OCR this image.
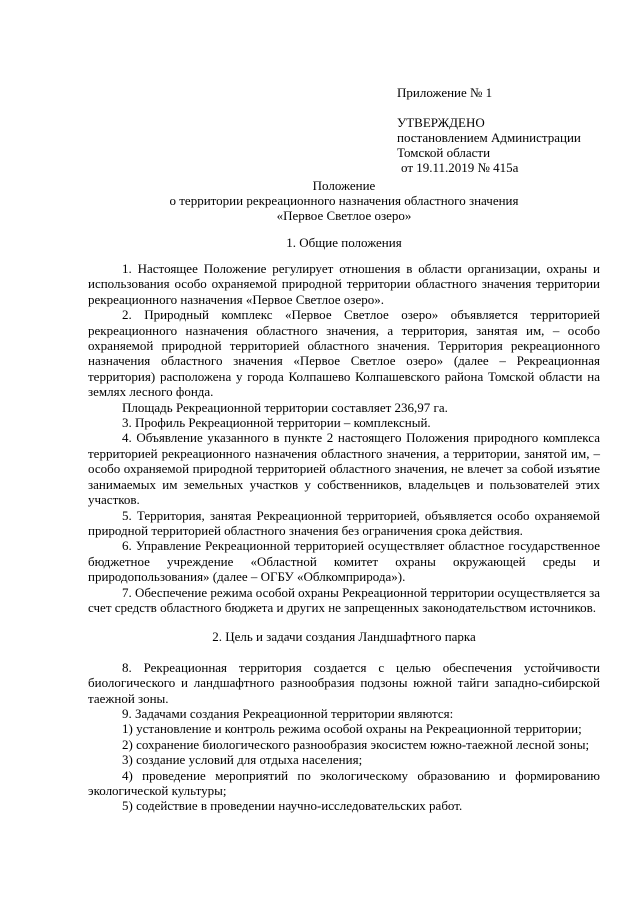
Приложение № 1
УТВЕРЖДЕНО
постановлением Администрации
Томской области
от 19.11.2019 № 415а
Положение
о территории рекреационного назначения областного значения
«Первое Светлое озеро»
1. Общие положения

1. Настоящее Положение регулирует отношения в области организации, охраны и использования особо охраняемой природной территории областного значения территории рекреационного назначения «Первое Светлое озеро».

2. Природный комплекс «Первое Светлое озеро» объявляется территорией рекреационного назначения областного значения, а территория, занятая им, – особо охраняемой природной территорией областного значения. Территория рекреационного назначения областного значения «Первое Светлое озеро» (далее – Рекреационная территория) расположена у города Колпашево Колпашевского района Томской области на землях лесного фонда.

Площадь Рекреационной территории составляет 236,97 га.

3. Профиль Рекреационной территории – комплексный.

4. Объявление указанного в пункте 2 настоящего Положения природного комплекса территорией рекреационного назначения областного значения, а территории, занятой им, – особо охраняемой природной территорией областного значения, не влечет за собой изъятие занимаемых им земельных участков у собственников, владельцев и пользователей этих участков.

5. Территория, занятая Рекреационной территорией, объявляется особо охраняемой природной территорией областного значения без ограничения срока действия.

6. Управление Рекреационной территорией осуществляет областное государственное бюджетное учреждение «Областной комитет охраны окружающей среды и природопользования» (далее – ОГБУ «Облкомприрода»).

7. Обеспечение режима особой охраны Рекреационной территории осуществляется за счет средств областного бюджета и других не запрещенных законодательством источников.

2. Цель и задачи создания Ландшафтного парка

8. Рекреационная территория создается с целью обеспечения устойчивости биологического и ландшафтного разнообразия подзоны южной тайги западно-сибирской таежной зоны.

9. Задачами создания Рекреационной территории являются:

1) установление и контроль режима особой охраны на Рекреационной территории;

2) сохранение биологического разнообразия экосистем южно-таежной лесной зоны;

3) создание условий для отдыха населения;

4) проведение мероприятий по экологическому образованию и формированию экологической культуры;

5) содействие в проведении научно-исследовательских работ.
